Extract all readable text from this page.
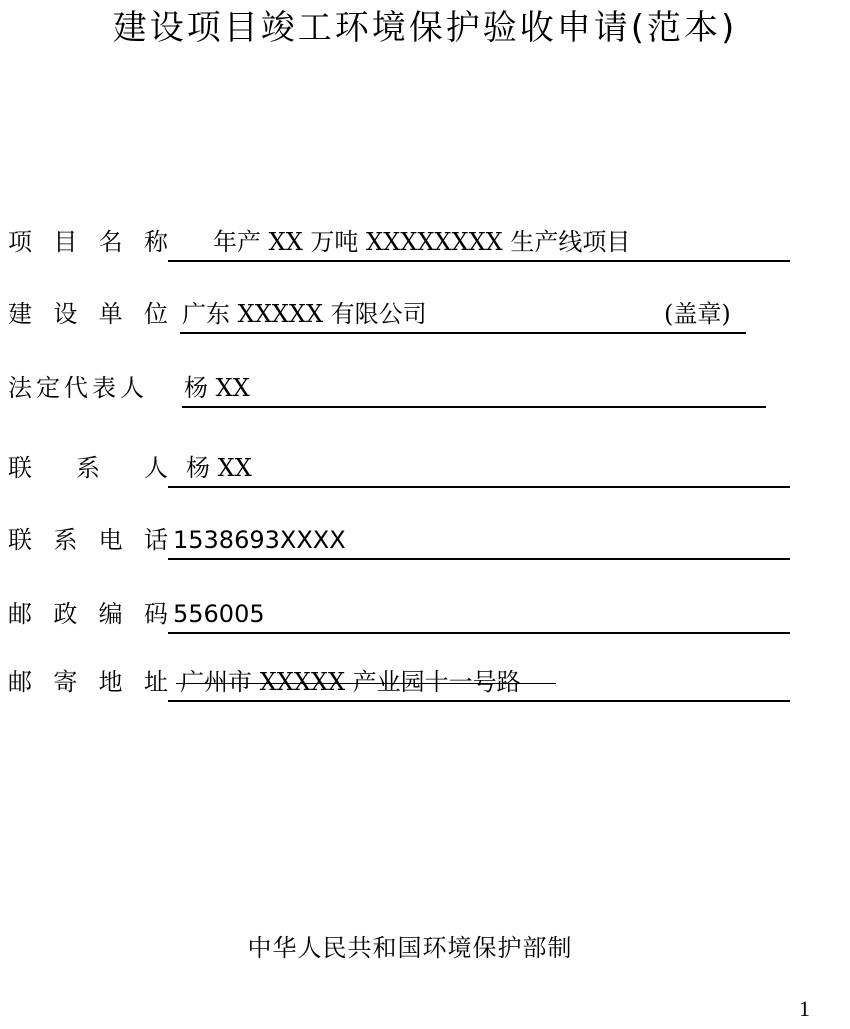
建设项目竣工环境保护验收申请(范本)
项 目 名 称 年产 XX 万吨 XXXXXXXX 生产线项目
建 设 单 位 广东 XXXXX 有限公司	(盖章)
法定代表人 杨 XX
联 系 人 杨 XX
联 系 电 话 1538693XXXX
邮 政 编 码 556005
邮 寄 地 址 广州市 XXXXX 产业园十一号路
中华人民共和国环境保护部制
1
